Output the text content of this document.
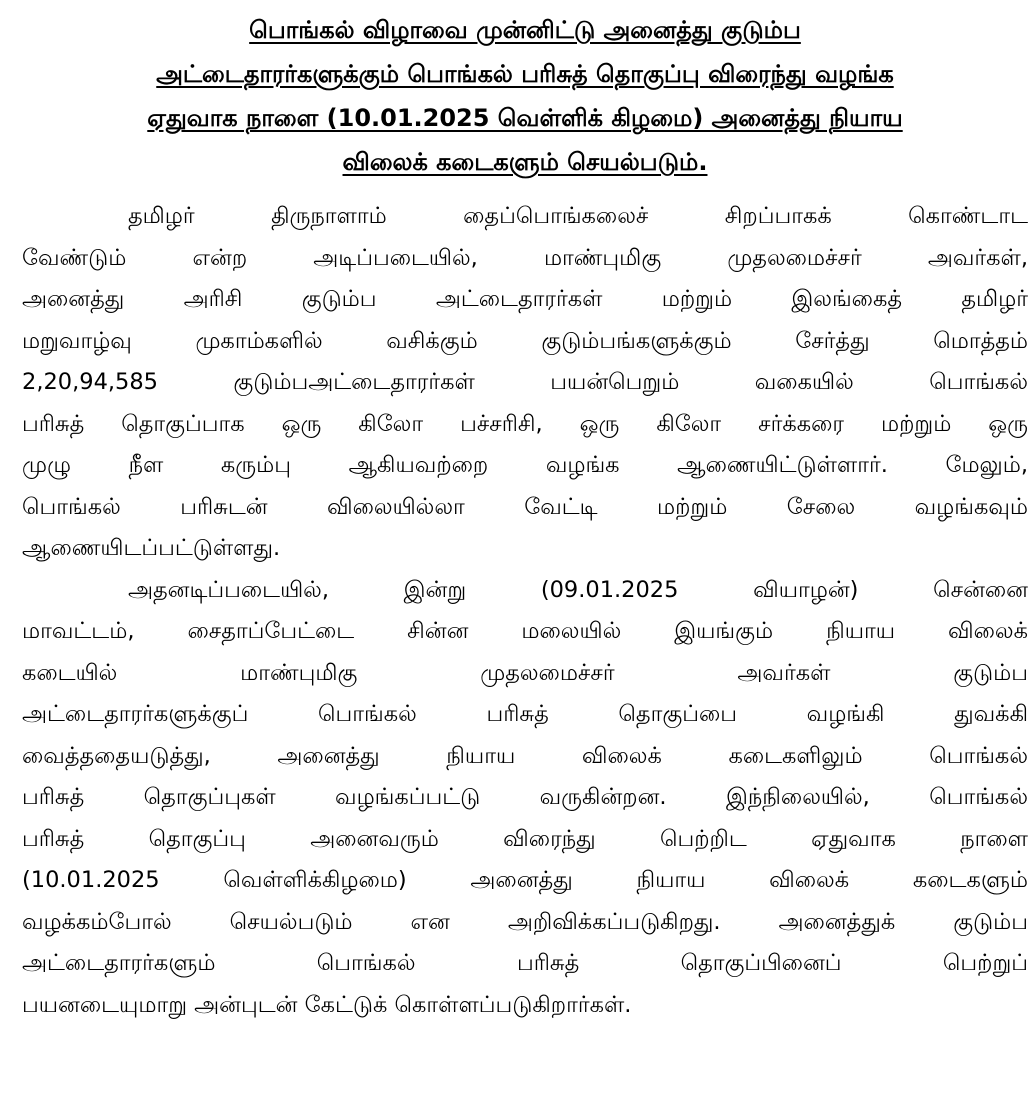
பொங்கல் விழாவை முன்னிட்டு அனைத்து குடும்ப
அட்டைதாரர்களுக்கும் பொங்கல் பரிசுத் தொகுப்பு விரைந்து வழங்க
ஏதுவாக நாளை (10.01.2025 வெள்ளிக் கிழமை) அனைத்து நியாய
விலைக் கடைகளும் செயல்படும்.

தமிழர் திருநாளாம் தைப்பொங்கலைச் சிறப்பாகக் கொண்டாட
வேண்டும் என்ற அடிப்படையில், மாண்புமிகு முதலமைச்சர் அவர்கள்,
அனைத்து அரிசி குடும்ப அட்டைதாரர்கள் மற்றும் இலங்கைத் தமிழர்
மறுவாழ்வு முகாம்களில் வசிக்கும் குடும்பங்களுக்கும் சேர்த்து மொத்தம்
2,20,94,585 குடும்பஅட்டைதாரர்கள் பயன்பெறும் வகையில் பொங்கல்
பரிசுத் தொகுப்பாக ஒரு கிலோ பச்சரிசி, ஒரு கிலோ சர்க்கரை மற்றும் ஒரு
முழு நீள கரும்பு ஆகியவற்றை வழங்க ஆணையிட்டுள்ளார். மேலும்,
பொங்கல் பரிசுடன் விலையில்லா வேட்டி மற்றும் சேலை வழங்கவும்
ஆணையிடப்பட்டுள்ளது.

அதனடிப்படையில், இன்று (09.01.2025 வியாழன்) சென்னை
மாவட்டம், சைதாப்பேட்டை சின்ன மலையில் இயங்கும் நியாய விலைக்
கடையில் மாண்புமிகு முதலமைச்சர் அவர்கள் குடும்ப
அட்டைதாரர்களுக்குப் பொங்கல் பரிசுத் தொகுப்பை வழங்கி துவக்கி
வைத்ததையடுத்து, அனைத்து நியாய விலைக் கடைகளிலும் பொங்கல்
பரிசுத் தொகுப்புகள் வழங்கப்பட்டு வருகின்றன. இந்நிலையில், பொங்கல்
பரிசுத் தொகுப்பு அனைவரும் விரைந்து பெற்றிட ஏதுவாக நாளை
(10.01.2025 வெள்ளிக்கிழமை) அனைத்து நியாய விலைக் கடைகளும்
வழக்கம்போல் செயல்படும் என அறிவிக்கப்படுகிறது. அனைத்துக் குடும்ப
அட்டைதாரர்களும் பொங்கல் பரிசுத் தொகுப்பினைப் பெற்றுப்
பயனடையுமாறு அன்புடன் கேட்டுக் கொள்ளப்படுகிறார்கள்.
